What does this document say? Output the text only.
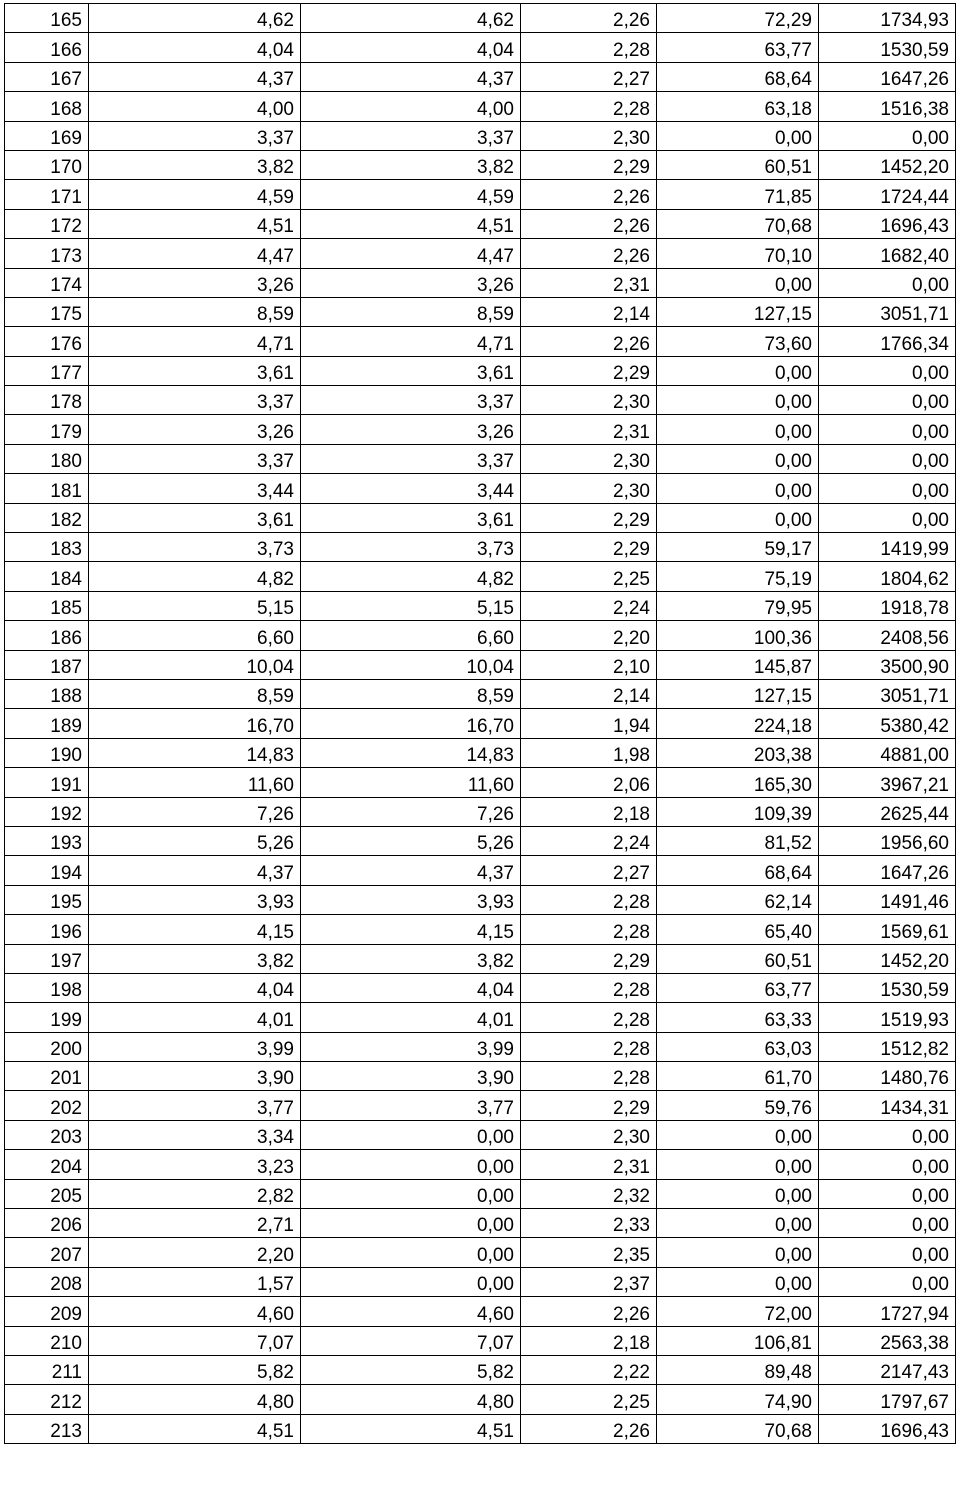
165	4,62	4,62	2,26	72,29	1734,93
166	4,04	4,04	2,28	63,77	1530,59
167	4,37	4,37	2,27	68,64	1647,26
168	4,00	4,00	2,28	63,18	1516,38
169	3,37	3,37	2,30	0,00	0,00
170	3,82	3,82	2,29	60,51	1452,20
171	4,59	4,59	2,26	71,85	1724,44
172	4,51	4,51	2,26	70,68	1696,43
173	4,47	4,47	2,26	70,10	1682,40
174	3,26	3,26	2,31	0,00	0,00
175	8,59	8,59	2,14	127,15	3051,71
176	4,71	4,71	2,26	73,60	1766,34
177	3,61	3,61	2,29	0,00	0,00
178	3,37	3,37	2,30	0,00	0,00
179	3,26	3,26	2,31	0,00	0,00
180	3,37	3,37	2,30	0,00	0,00
181	3,44	3,44	2,30	0,00	0,00
182	3,61	3,61	2,29	0,00	0,00
183	3,73	3,73	2,29	59,17	1419,99
184	4,82	4,82	2,25	75,19	1804,62
185	5,15	5,15	2,24	79,95	1918,78
186	6,60	6,60	2,20	100,36	2408,56
187	10,04	10,04	2,10	145,87	3500,90
188	8,59	8,59	2,14	127,15	3051,71
189	16,70	16,70	1,94	224,18	5380,42
190	14,83	14,83	1,98	203,38	4881,00
191	11,60	11,60	2,06	165,30	3967,21
192	7,26	7,26	2,18	109,39	2625,44
193	5,26	5,26	2,24	81,52	1956,60
194	4,37	4,37	2,27	68,64	1647,26
195	3,93	3,93	2,28	62,14	1491,46
196	4,15	4,15	2,28	65,40	1569,61
197	3,82	3,82	2,29	60,51	1452,20
198	4,04	4,04	2,28	63,77	1530,59
199	4,01	4,01	2,28	63,33	1519,93
200	3,99	3,99	2,28	63,03	1512,82
201	3,90	3,90	2,28	61,70	1480,76
202	3,77	3,77	2,29	59,76	1434,31
203	3,34	0,00	2,30	0,00	0,00
204	3,23	0,00	2,31	0,00	0,00
205	2,82	0,00	2,32	0,00	0,00
206	2,71	0,00	2,33	0,00	0,00
207	2,20	0,00	2,35	0,00	0,00
208	1,57	0,00	2,37	0,00	0,00
209	4,60	4,60	2,26	72,00	1727,94
210	7,07	7,07	2,18	106,81	2563,38
211	5,82	5,82	2,22	89,48	2147,43
212	4,80	4,80	2,25	74,90	1797,67
213	4,51	4,51	2,26	70,68	1696,43
